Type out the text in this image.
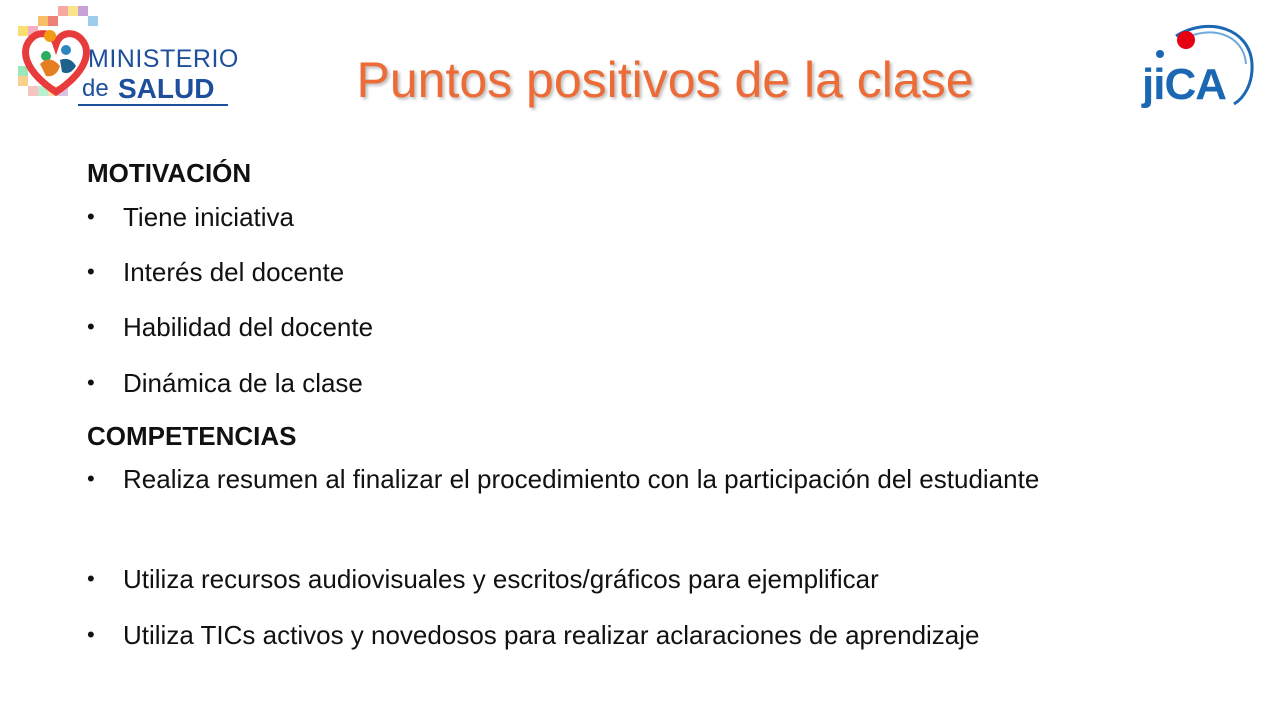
MINISTERIO
de SALUD	Puntos positivos de la clase	jiCA
MOTIVACIÓN
•	Tiene iniciativa
•	Interés del docente
•	Habilidad del docente
•	Dinámica de la clase
COMPETENCIAS
•	Realiza resumen al finalizar el procedimiento con la participación del estudiante
•	Utiliza recursos audiovisuales y escritos/gráficos para ejemplificar
•	Utiliza TICs activos y novedosos para realizar aclaraciones de aprendizaje
